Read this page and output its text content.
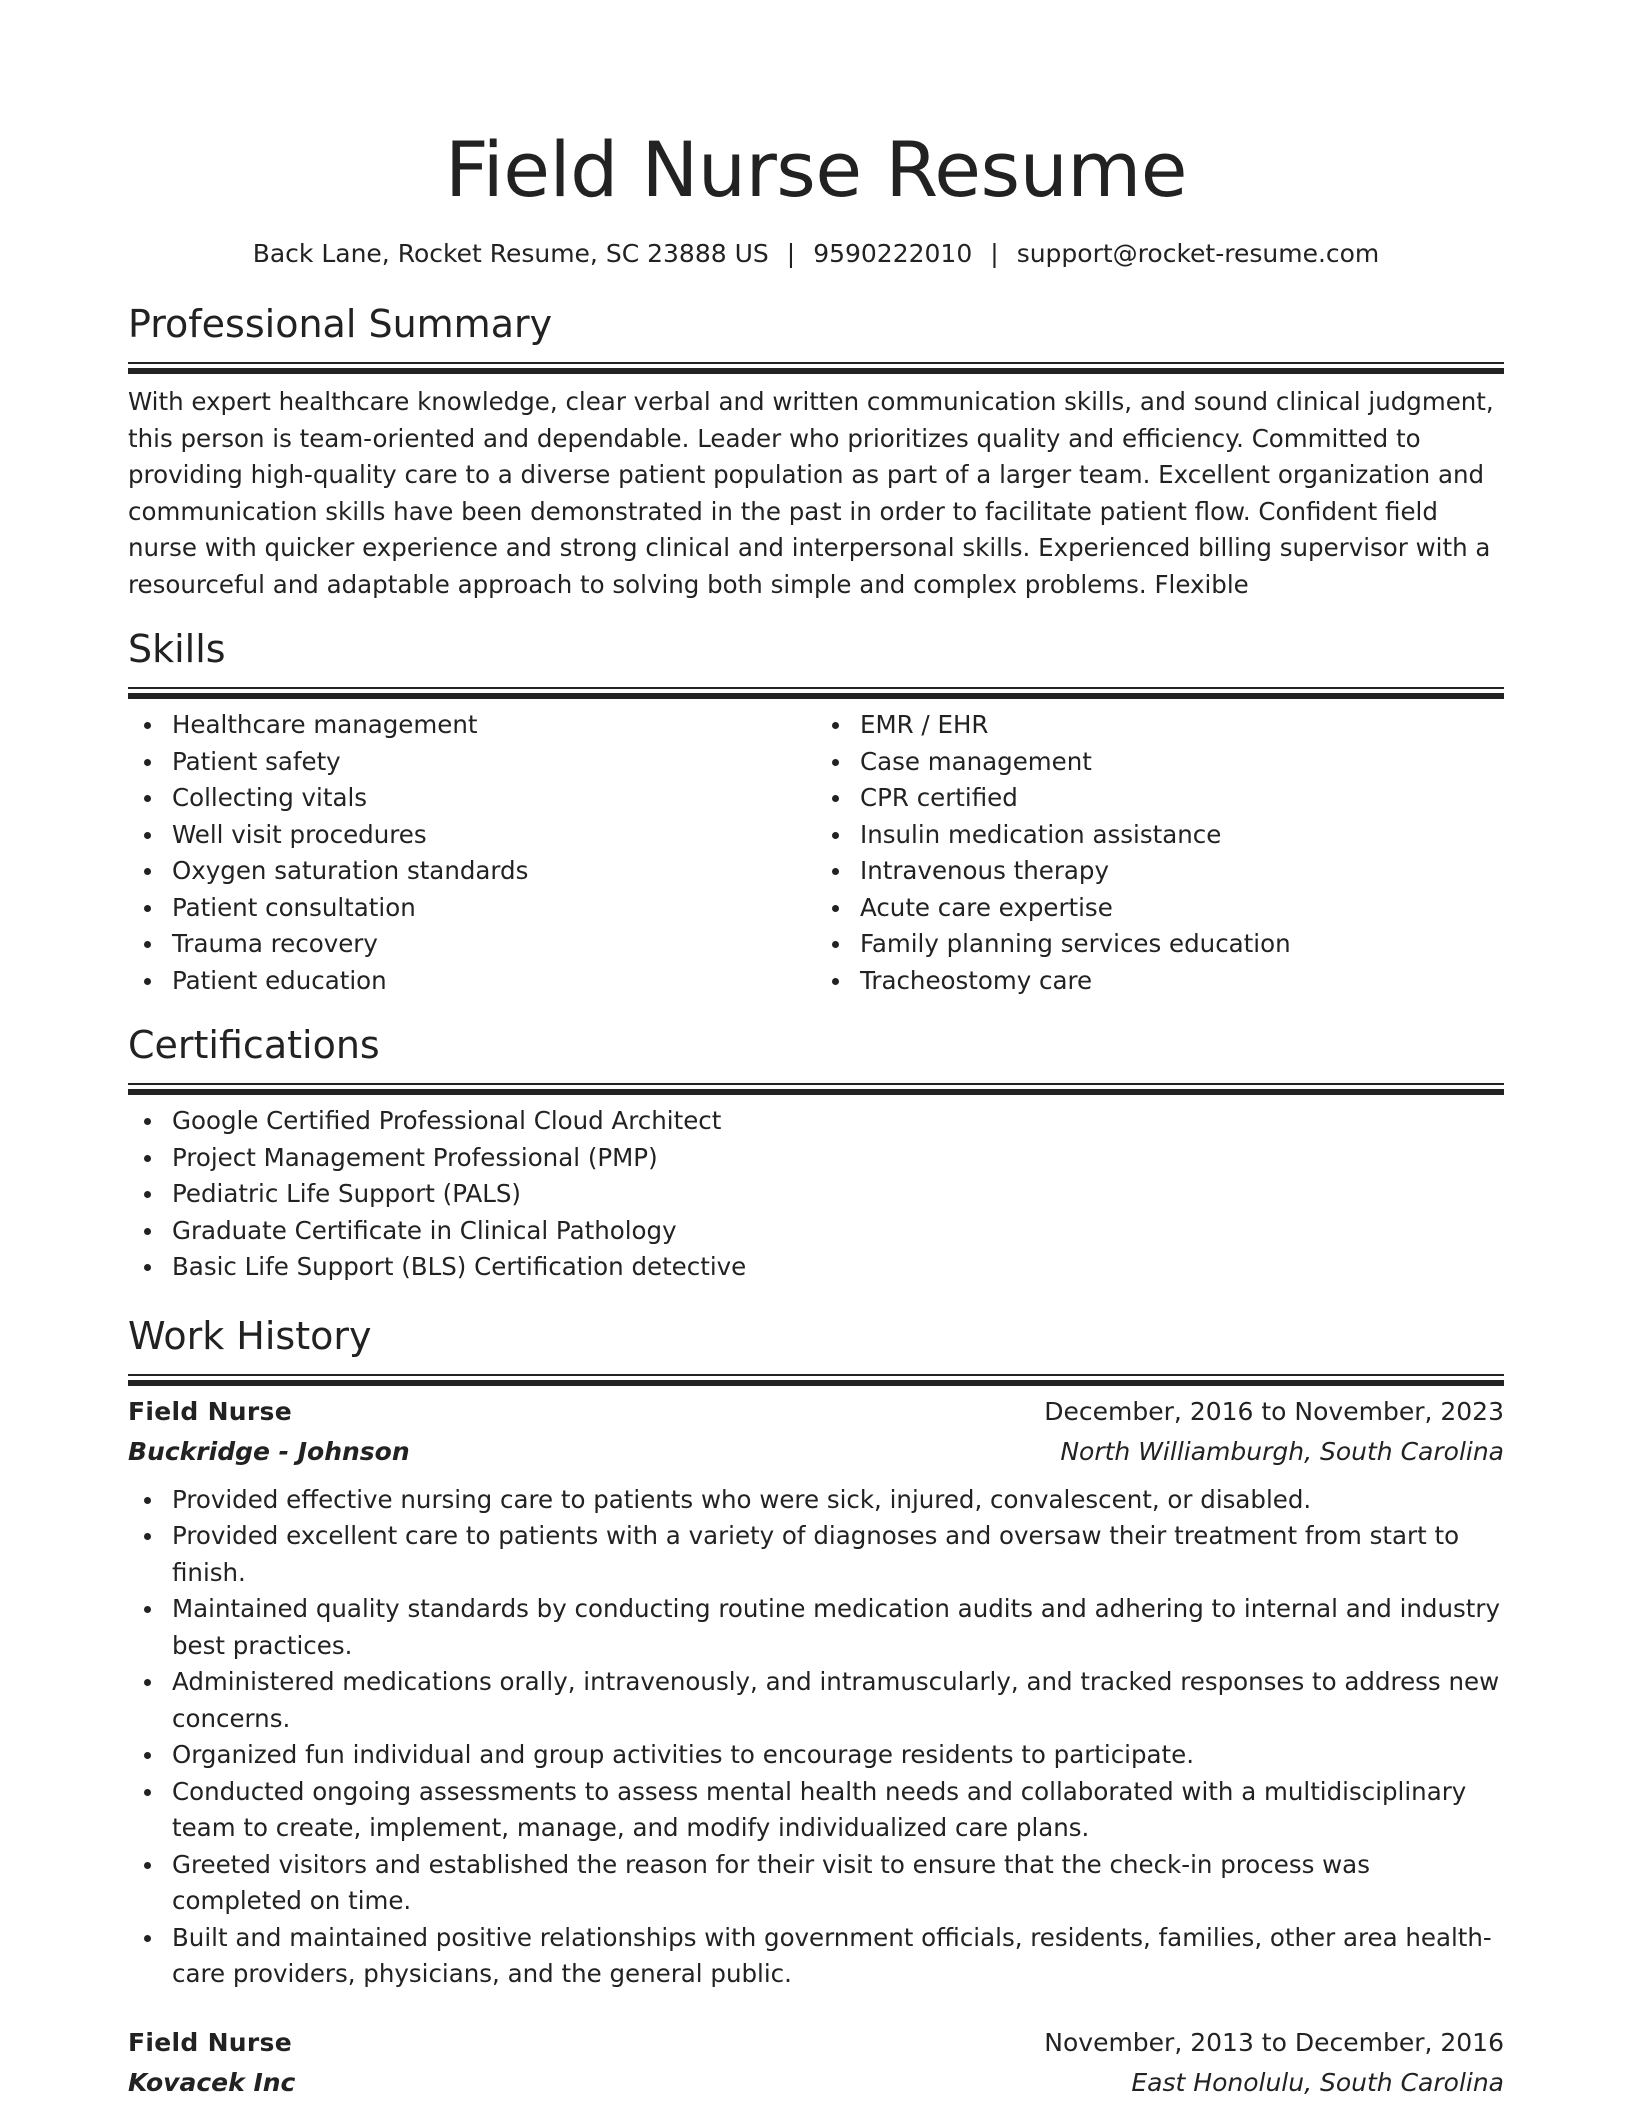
Field Nurse Resume
Back Lane, Rocket Resume, SC 23888 US | 9590222010 | support@rocket-resume.com
Professional Summary

With expert healthcare knowledge, clear verbal and written communication skills, and sound clinical judgment, this person is team-oriented and dependable. Leader who prioritizes quality and efficiency. Committed to providing high-quality care to a diverse patient population as part of a larger team. Excellent organization and communication skills have been demonstrated in the past in order to facilitate patient flow. Confident field nurse with quicker experience and strong clinical and interpersonal skills. Experienced billing supervisor with a resourceful and adaptable approach to solving both simple and complex problems. Flexible

Skills
Healthcare management
Patient safety
Collecting vitals
Well visit procedures
Oxygen saturation standards
Patient consultation
Trauma recovery
Patient education
EMR / EHR
Case management
CPR certified
Insulin medication assistance
Intravenous therapy
Acute care expertise
Family planning services education
Tracheostomy care
Certifications
Google Certified Professional Cloud Architect
Project Management Professional (PMP)
Pediatric Life Support (PALS)
Graduate Certificate in Clinical Pathology
Basic Life Support (BLS) Certification detective
Work History
Field Nurse	December, 2016 to November, 2023
Buckridge - Johnson	North Williamburgh, South Carolina
Provided effective nursing care to patients who were sick, injured, convalescent, or disabled.
Provided excellent care to patients with a variety of diagnoses and oversaw their treatment from start to finish.
Maintained quality standards by conducting routine medication audits and adhering to internal and industry best practices.
Administered medications orally, intravenously, and intramuscularly, and tracked responses to address new concerns.
Organized fun individual and group activities to encourage residents to participate.
Conducted ongoing assessments to assess mental health needs and collaborated with a multidisciplinary team to create, implement, manage, and modify individualized care plans.
Greeted visitors and established the reason for their visit to ensure that the check-in process was completed on time.
Built and maintained positive relationships with government officials, residents, families, other area health-care providers, physicians, and the general public.
Field Nurse	November, 2013 to December, 2016
Kovacek Inc	East Honolulu, South Carolina
